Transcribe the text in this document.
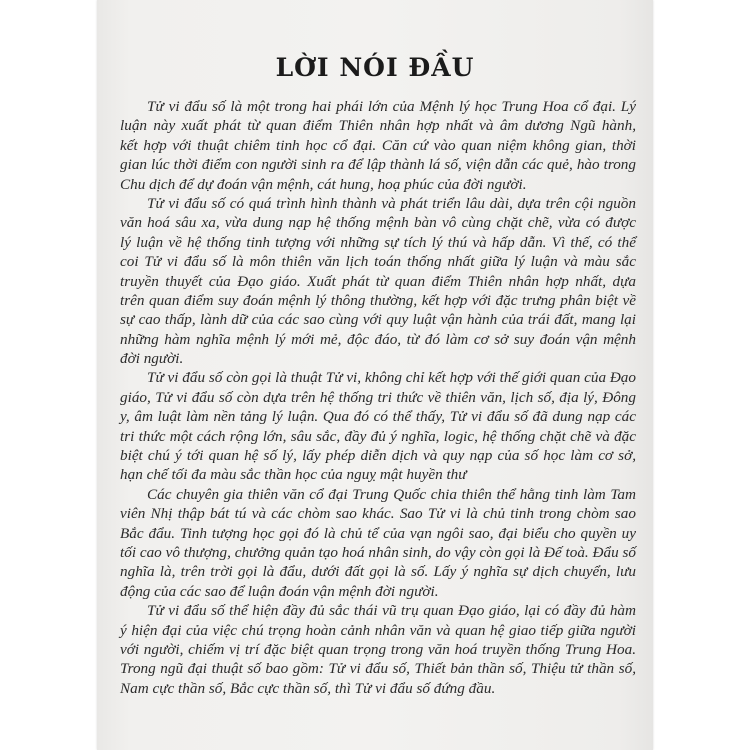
LỜI NÓI ĐẦU
Tử vi đẩu số là một trong hai phái lớn của Mệnh lý học Trung Hoa cổ đại. Lý
luận này xuất phát từ quan điểm Thiên nhân hợp nhất và âm dương Ngũ hành,
kết hợp với thuật chiêm tinh học cổ đại. Căn cứ vào quan niệm không gian, thời
gian lúc thời điểm con người sinh ra để lập thành lá số, viện dẫn các quẻ, hào trong
Chu dịch để dự đoán vận mệnh, cát hung, hoạ phúc của đời người.
Tử vi đẩu số có quá trình hình thành và phát triển lâu dài, dựa trên cội nguồn
văn hoá sâu xa, vừa dung nạp hệ thống mệnh bàn vô cùng chặt chẽ, vừa có được
lý luận về hệ thống tinh tượng với những sự tích lý thú và hấp dẫn. Vì thế, có thể
coi Tử vi đẩu số là môn thiên văn lịch toán thống nhất giữa lý luận và màu sắc
truyền thuyết của Đạo giáo. Xuất phát từ quan điểm Thiên nhân hợp nhất, dựa
trên quan điểm suy đoán mệnh lý thông thường, kết hợp với đặc trưng phân biệt về
sự cao thấp, lành dữ của các sao cùng với quy luật vận hành của trái đất, mang lại
những hàm nghĩa mệnh lý mới mẻ, độc đáo, từ đó làm cơ sở suy đoán vận mệnh
đời người.
Tử vi đẩu số còn gọi là thuật Tử vi, không chỉ kết hợp với thế giới quan của Đạo
giáo, Tử vi đẩu số còn dựa trên hệ thống tri thức về thiên văn, lịch số, địa lý, Đông
y, âm luật làm nền tảng lý luận. Qua đó có thể thấy, Tử vi đẩu số đã dung nạp các
tri thức một cách rộng lớn, sâu sắc, đầy đủ ý nghĩa, logic, hệ thống chặt chẽ và đặc
biệt chú ý tới quan hệ số lý, lấy phép diễn dịch và quy nạp của số học làm cơ sở,
hạn chế tối đa màu sắc thần học của nguỵ mật huyền thư
Các chuyên gia thiên văn cổ đại Trung Quốc chia thiên thể hằng tinh làm Tam
viên Nhị thập bát tú và các chòm sao khác. Sao Tử vi là chủ tinh trong chòm sao
Bắc đẩu. Tinh tượng học gọi đó là chủ tể của vạn ngôi sao, đại biểu cho quyền uy
tối cao vô thượng, chưởng quản tạo hoá nhân sinh, do vậy còn gọi là Đế toà. Đẩu số
nghĩa là, trên trời gọi là đẩu, dưới đất gọi là số. Lấy ý nghĩa sự dịch chuyển, lưu
động của các sao để luận đoán vận mệnh đời người.
Tử vi đẩu số thể hiện đầy đủ sắc thái vũ trụ quan Đạo giáo, lại có đầy đủ hàm
ý hiện đại của việc chú trọng hoàn cảnh nhân văn và quan hệ giao tiếp giữa người
với người, chiếm vị trí đặc biệt quan trọng trong văn hoá truyền thống Trung Hoa.
Trong ngũ đại thuật số bao gồm: Tử vi đẩu số, Thiết bản thần số, Thiệu tử thần số,
Nam cực thần số, Bắc cực thần số, thì Tử vi đẩu số đứng đầu.
